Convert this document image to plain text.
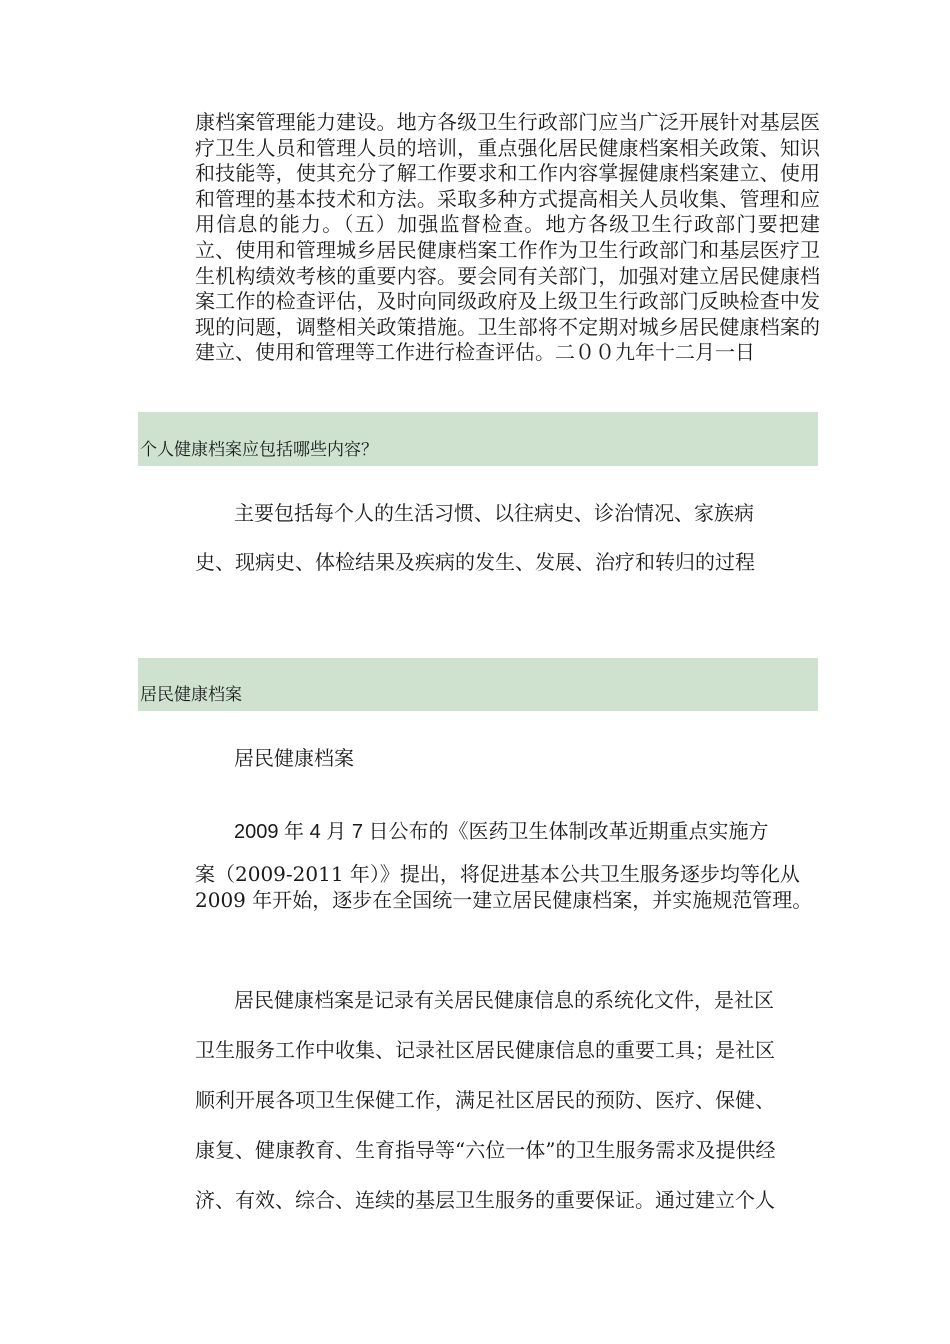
康档案管理能力建设。地方各级卫生行政部门应当广泛开展针对基层医疗卫生人员和管理人员的培训，重点强化居民健康档案相关政策、知识和技能等，使其充分了解工作要求和工作内容掌握健康档案建立、使用和管理的基本技术和方法。采取多种方式提高相关人员收集、管理和应用信息的能力。（五）加强监督检查。地方各级卫生行政部门要把建立、使用和管理城乡居民健康档案工作作为卫生行政部门和基层医疗卫生机构绩效考核的重要内容。要会同有关部门，加强对建立居民健康档案工作的检查评估，及时向同级政府及上级卫生行政部门反映检查中发现的问题，调整相关政策措施。卫生部将不定期对城乡居民健康档案的建立、使用和管理等工作进行检查评估。二００九年十二月一日

个人健康档案应包括哪些内容？
主要包括每个人的生活习惯、以往病史、诊治情况、家族病
史、现病史、体检结果及疾病的发生、发展、治疗和转归的过程
居民健康档案
居民健康档案
2009 年 4 月 7 日公布的《医药卫生体制改革近期重点实施方

案（2009-2011 年）》提出，将促进基本公共卫生服务逐步均等化从 2009 年开始，逐步在全国统一建立居民健康档案，并实施规范管理。

居民健康档案是记录有关居民健康信息的系统化文件，是社区
卫生服务工作中收集、记录社区居民健康信息的重要工具；是社区
顺利开展各项卫生保健工作，满足社区居民的预防、医疗、保健、
康复、健康教育、生育指导等“六位一体”的卫生服务需求及提供经
济、有效、综合、连续的基层卫生服务的重要保证。通过建立个人
